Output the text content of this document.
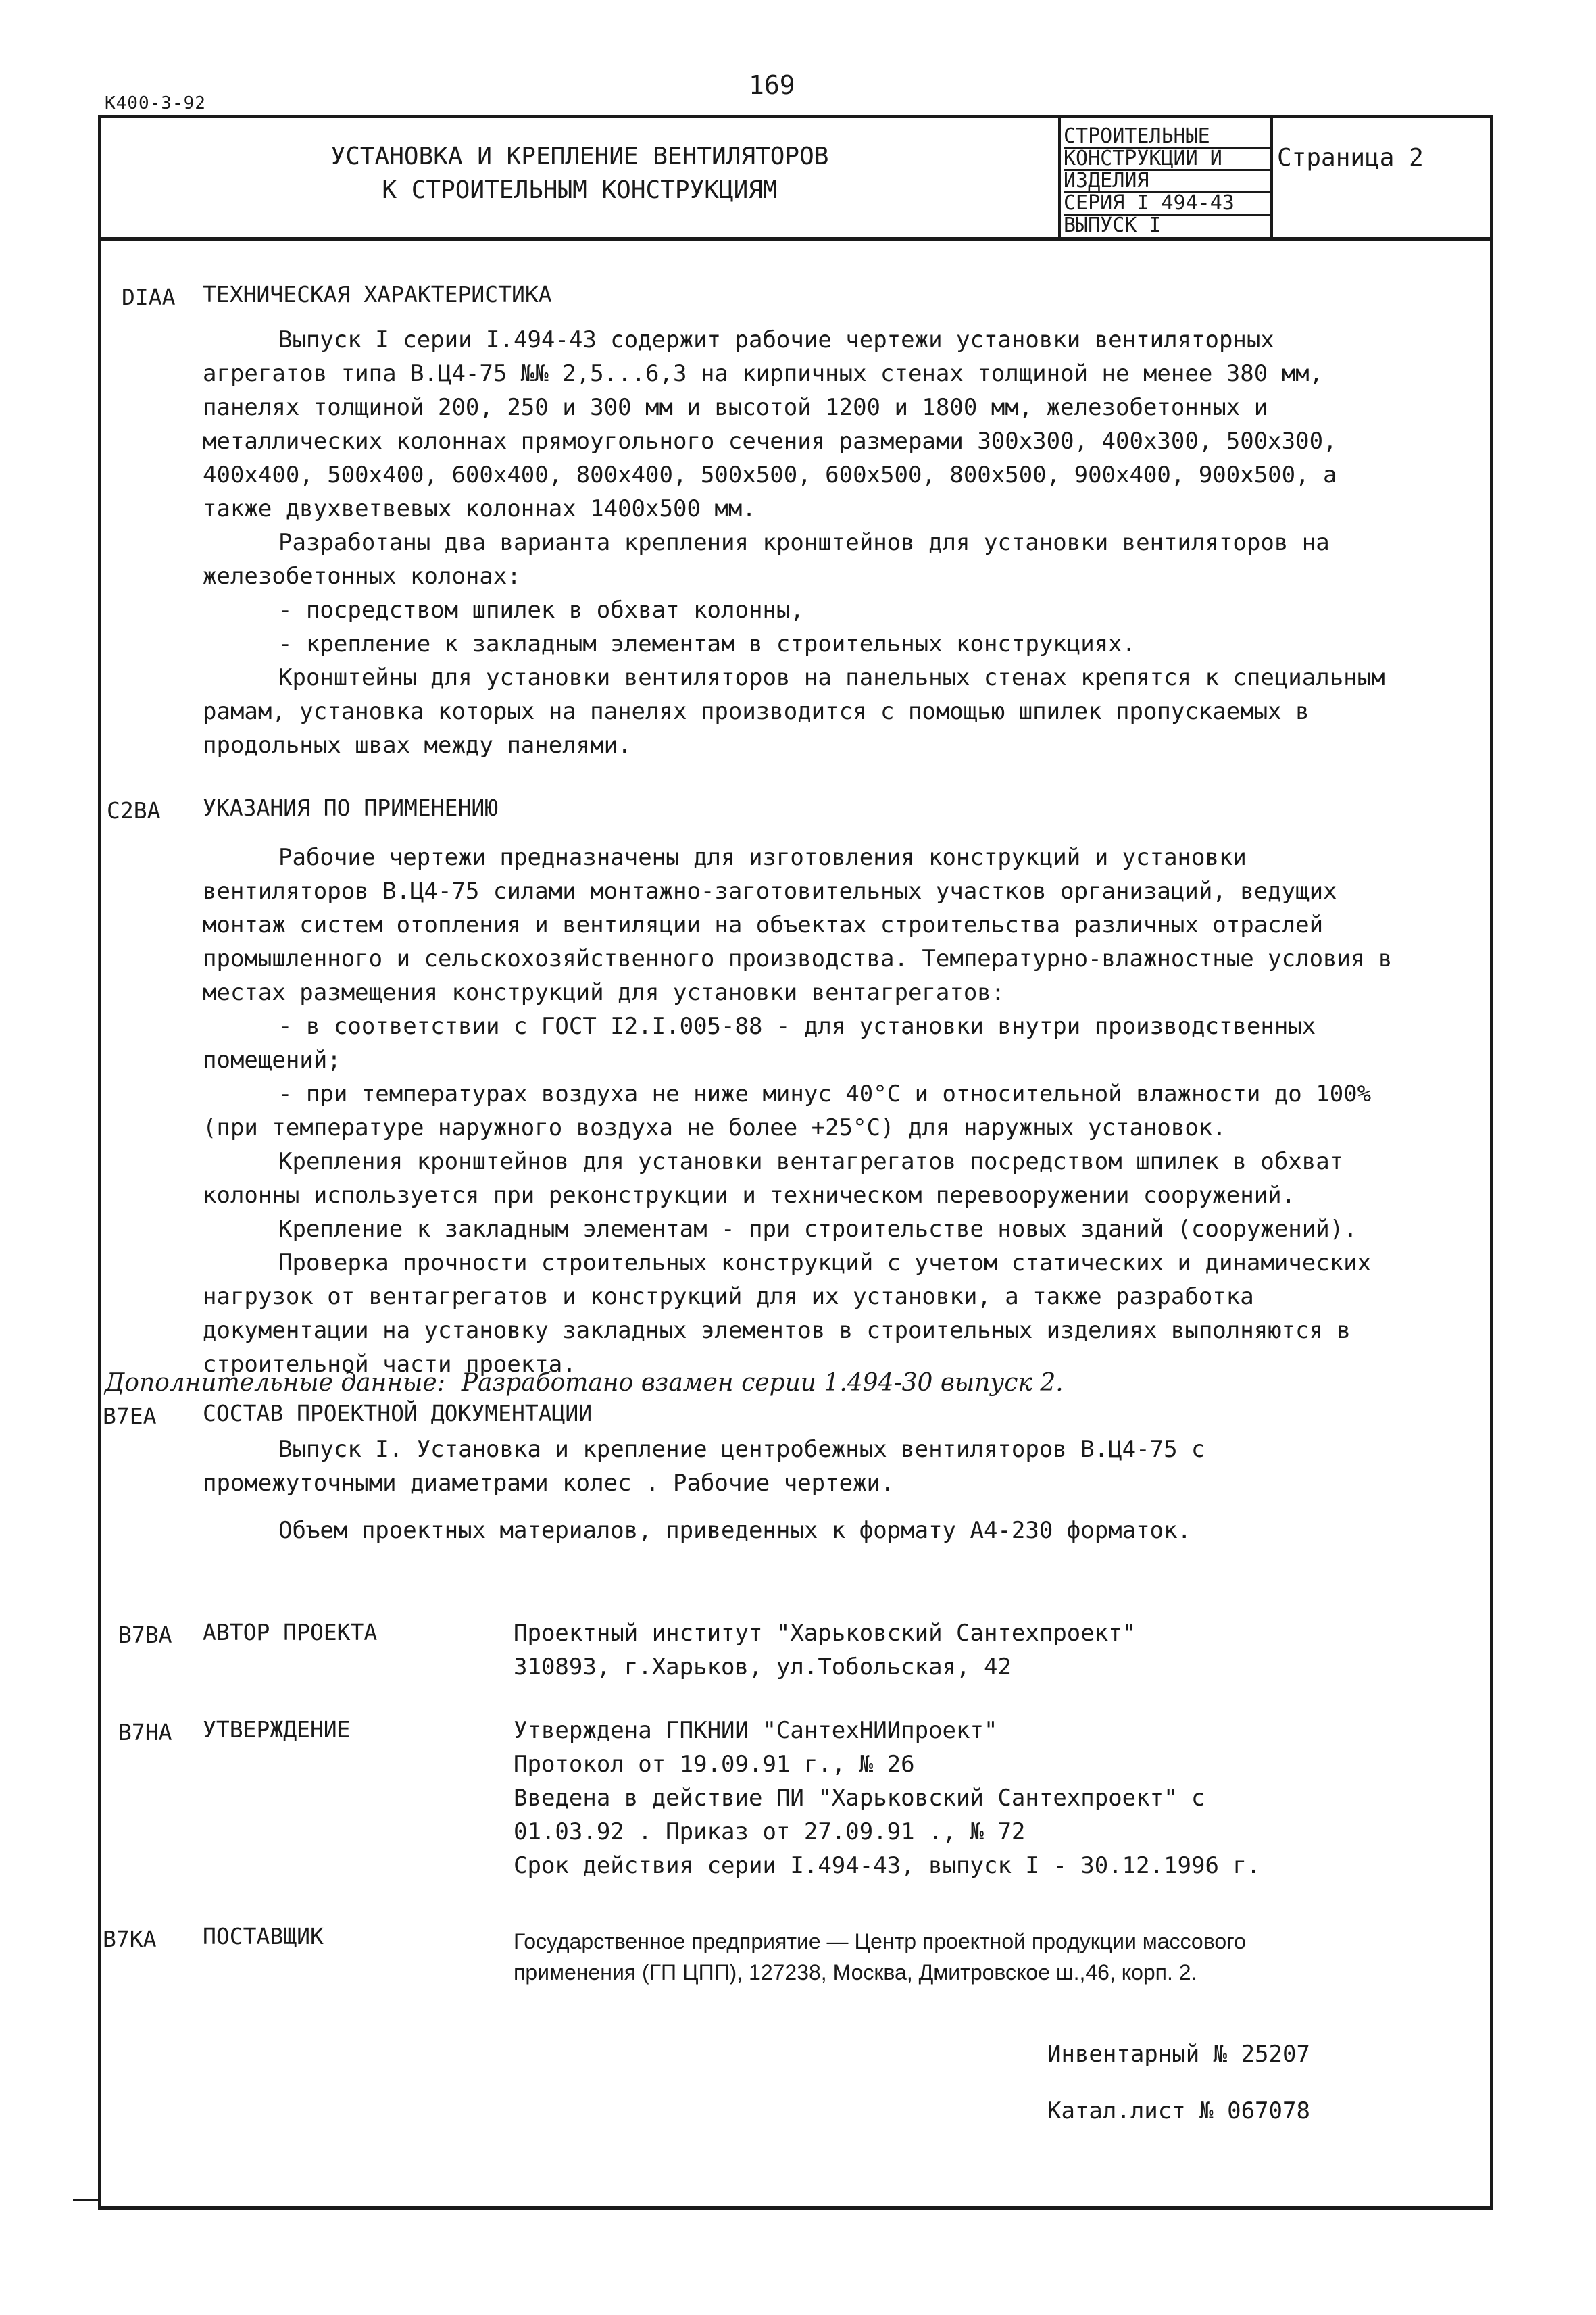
169
К400-3-92
УСТАНОВКА И КРЕПЛЕНИЕ ВЕНТИЛЯТОРОВ
К СТРОИТЕЛЬНЫМ КОНСТРУКЦИЯМ
СТРОИТЕЛЬНЫЕ
КОНСТРУКЦИИ И
ИЗДЕЛИЯ
СЕРИЯ I 494-43
ВЫПУСК I
Страница 2
DIAA ТЕХНИЧЕСКАЯ ХАРАКТЕРИСТИКА

Выпуск I серии I.494-43 содержит рабочие чертежи установки вентиляторных агрегатов типа В.Ц4-75 №№ 2,5...6,3 на кирпичных стенах толщиной не менее 380 мм, панелях толщиной 200, 250 и 300 мм и высотой 1200 и 1800 мм, железобетонных и металлических колоннах прямоугольного сечения размерами 300х300, 400х300, 500х300, 400х400, 500х400, 600х400, 800х400, 500х500, 600х500, 800х500, 900х400, 900х500, а также двухветвевых колоннах 1400х500 мм.

Разработаны два варианта крепления кронштейнов для установки вентиляторов на железобетонных колонах:

- посредством шпилек в обхват колонны,

- крепление к закладным элементам в строительных конструкциях.

Кронштейны для установки вентиляторов на панельных стенах крепятся к специальным рамам, установка которых на панелях производится с помощью шпилек пропускаемых в продольных швах между панелями.

C2BA УКАЗАНИЯ ПО ПРИМЕНЕНИЮ

Рабочие чертежи предназначены для изготовления конструкций и установки вентиляторов В.Ц4-75 силами монтажно-заготовительных участков организаций, ведущих монтаж систем отопления и вентиляции на объектах строительства различных отраслей промышленного и сельскохозяйственного производства. Температурно-влажностные условия в местах размещения конструкций для установки вентагрегатов:

- в соответствии с ГОСТ I2.I.005-88 - для установки внутри производственных помещений;

- при температурах воздуха не ниже минус 40°С и относительной влажности до 100% (при температуре наружного воздуха не более +25°С) для наружных установок.

Крепления кронштейнов для установки вентагрегатов посредством шпилек в обхват колонны используется при реконструкции и техническом перевооружении сооружений.

Крепление к закладным элементам - при строительстве новых зданий (сооружений).

Проверка прочности строительных конструкций с учетом статических и динамических нагрузок от вентагрегатов и конструкций для их установки, а также разработка документации на установку закладных элементов в строительных изделиях выполняются в строительной части проекта.

Дополнительные данные: Разработано взамен серии 1.494-30 выпуск 2.
B7EA СОСТАВ ПРОЕКТНОЙ ДОКУМЕНТАЦИИ

Выпуск I. Установка и крепление центробежных вентиляторов В.Ц4-75 с промежуточными диаметрами колес . Рабочие чертежи.

Объем проектных материалов, приведенных к формату А4-230 форматок.

B7BA АВТОР ПРОЕКТА	Проектный институт "Харьковский Сантехпроект"

310893, г.Харьков, ул.Тобольская, 42

B7HA УТВЕРЖДЕНИЕ	Утверждена ГПКНИИ "СантехНИИпроект"

Протокол от 19.09.91 г., № 26

Введена в действие ПИ "Харьковский Сантехпроект" с

01.03.92 . Приказ от 27.09.91 ., № 72

Срок действия серии I.494-43, выпуск I - 30.12.1996 г.

B7KA ПОСТАВЩИК	Государственное предприятие — Центр проектной продукции массового
применения (ГП ЦПП), 127238, Москва, Дмитровское ш.,46, корп. 2.
Инвентарный № 25207
Катал.лист № 067078
